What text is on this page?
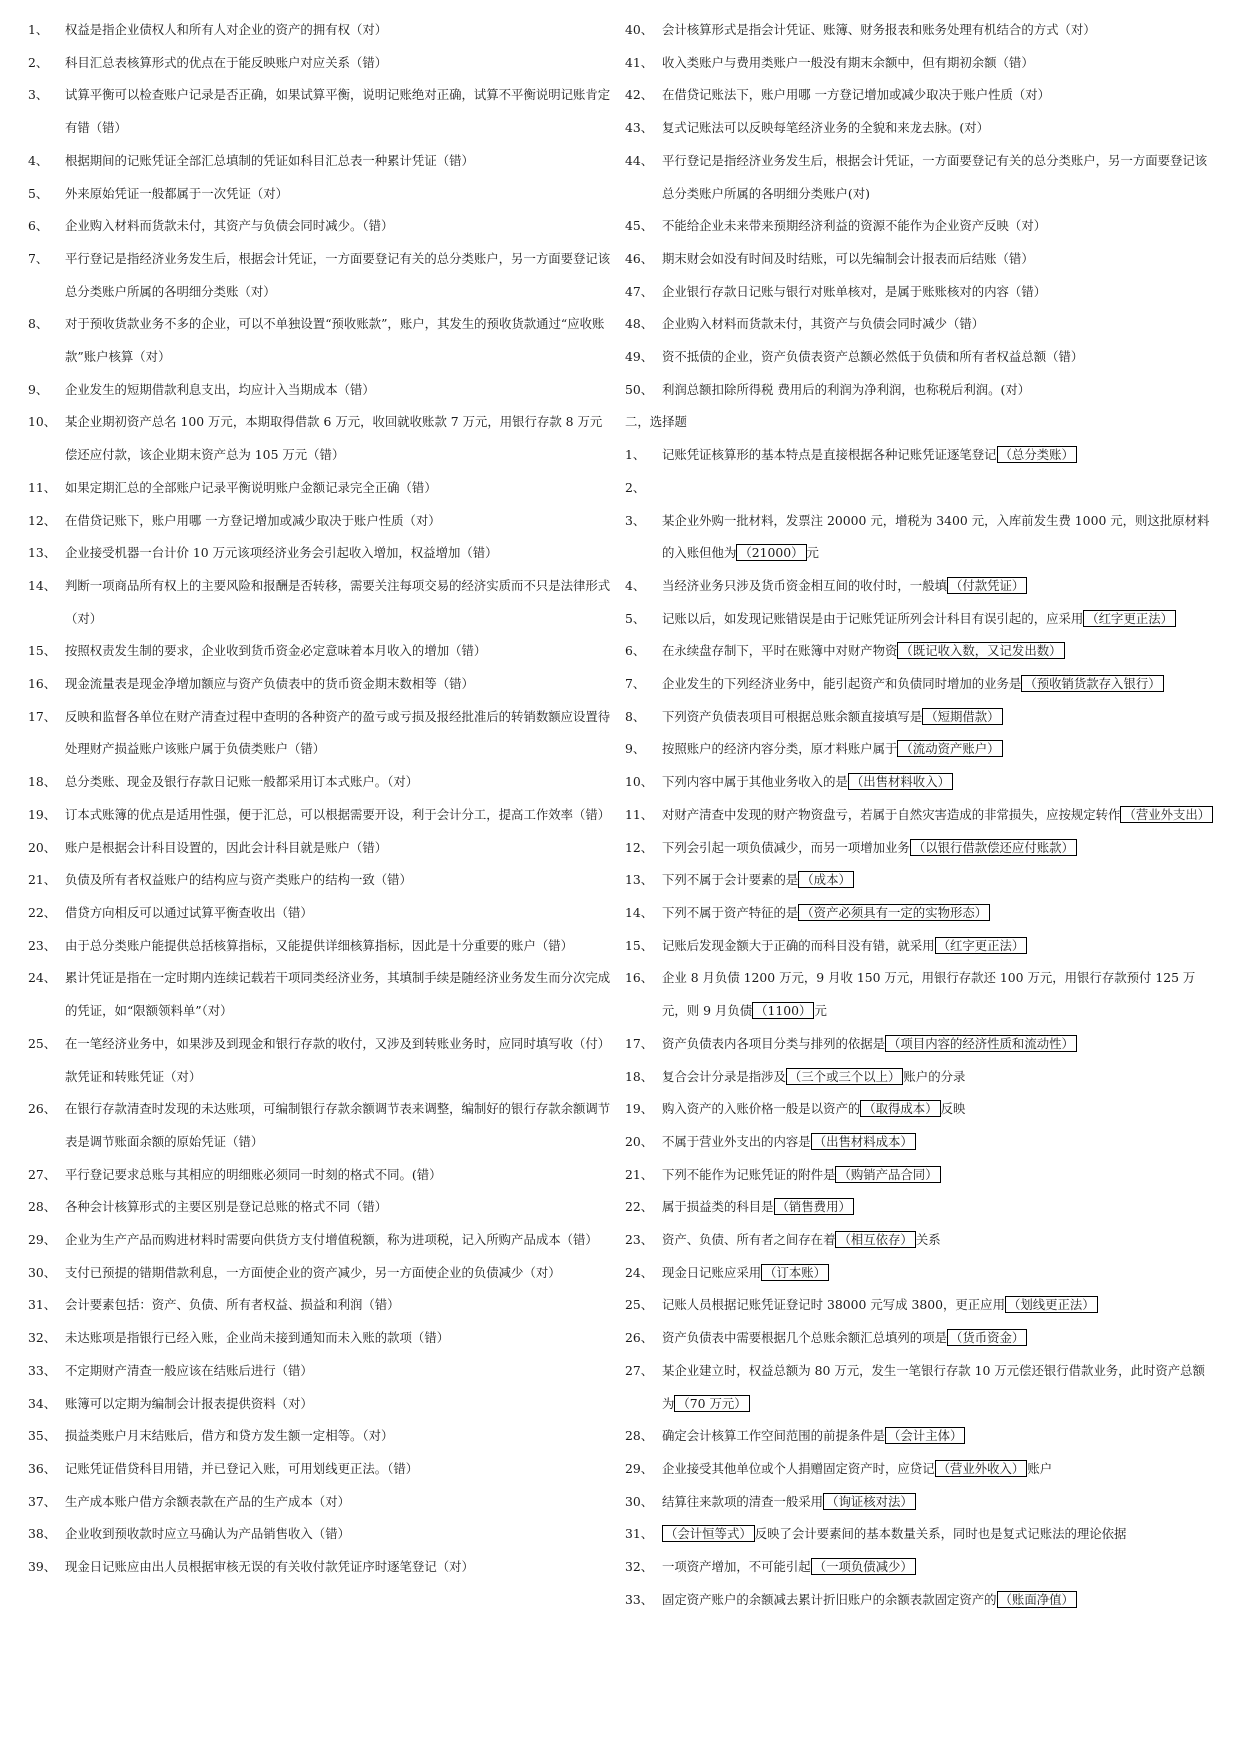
1、	权益是指企业债权人和所有人对企业的资产的拥有权（对）
2、	科目汇总表核算形式的优点在于能反映账户对应关系（错）
3、	试算平衡可以检查账户记录是否正确，如果试算平衡，说明记账绝对正确，试算不平衡说明记账肯定有错（错）
4、	根据期间的记账凭证全部汇总填制的凭证如科目汇总表一种累计凭证（错）
5、	外来原始凭证一般都属于一次凭证（对）
6、	企业购入材料而货款未付，其资产与负债会同时减少。（错）
7、	平行登记是指经济业务发生后，根据会计凭证，一方面要登记有关的总分类账户，另一方面要登记该总分类账户所属的各明细分类账（对）
8、	对于预收货款业务不多的企业，可以不单独设置“预收账款”，账户，其发生的预收货款通过“应收账款”账户核算（对）
9、	企业发生的短期借款利息支出，均应计入当期成本（错）
10、 某企业期初资产总名 100 万元，本期取得借款 6 万元，收回就收账款 7 万元，用银行存款 8 万元偿还应付款，该企业期末资产总为 105 万元（错）
11、 如果定期汇总的全部账户记录平衡说明账户金额记录完全正确（错）
12、 在借贷记账下，账户用哪 一方登记增加或减少取决于账户性质（对）
13、 企业接受机器一台计价 10 万元该项经济业务会引起收入增加，权益增加（错）
14、 判断一项商品所有权上的主要风险和报酬是否转移，需要关注每项交易的经济实质而不只是法律形式（对）
15、 按照权责发生制的要求，企业收到货币资金必定意味着本月收入的增加（错）
16、 现金流量表是现金净增加额应与资产负债表中的货币资金期末数相等（错）
17、 反映和监督各单位在财产清查过程中查明的各种资产的盈亏或亏损及报经批准后的转销数额应设置待处理财产损益账户该账户属于负债类账户（错）
18、 总分类账、现金及银行存款日记账一般都采用订本式账户。（对）
19、 订本式账簿的优点是适用性强，便于汇总，可以根据需要开设，利于会计分工，提高工作效率（错）
20、 账户是根据会计科目设置的，因此会计科目就是账户（错）
21、 负债及所有者权益账户的结构应与资产类账户的结构一致（错）
22、 借贷方向相反可以通过试算平衡查收出（错）
23、 由于总分类账户能提供总括核算指标，又能提供详细核算指标，因此是十分重要的账户（错）
24、 累计凭证是指在一定时期内连续记载若干项同类经济业务，其填制手续是随经济业务发生而分次完成的凭证，如“限额领料单”（对）
25、 在一笔经济业务中，如果涉及到现金和银行存款的收付，又涉及到转账业务时，应同时填写收（付）款凭证和转账凭证（对）
26、 在银行存款清查时发现的未达账项，可编制银行存款余额调节表来调整，编制好的银行存款余额调节表是调节账面余额的原始凭证（错）
27、 平行登记要求总账与其相应的明细账必须同一时刻的格式不同。(错）
28、 各种会计核算形式的主要区别是登记总账的格式不同（错）
29、 企业为生产产品而购进材料时需要向供货方支付增值税额，称为进项税，记入所购产品成本（错）
30、 支付已预提的错期借款利息，一方面使企业的资产减少，另一方面使企业的负债减少（对）
31、 会计要素包括：资产、负债、所有者权益、损益和利润（错）
32、 未达账项是指银行已经入账，企业尚未接到通知而未入账的款项（错）
33、 不定期财产清查一般应该在结账后进行（错）
34、 账簿可以定期为编制会计报表提供资料（对）
35、 损益类账户月末结账后，借方和贷方发生额一定相等。（对）
36、 记账凭证借贷科目用错，并已登记入账，可用划线更正法。（错）
37、 生产成本账户借方余额表款在产品的生产成本（对）
38、 企业收到预收款时应立马确认为产品销售收入（错）
39、 现金日记账应由出人员根据审核无误的有关收付款凭证序时逐笔登记（对）
40、 会计核算形式是指会计凭证、账簿、财务报表和账务处理有机结合的方式（对）
41、 收入类账户与费用类账户一般没有期末余额中，但有期初余额（错）
42、 在借贷记账法下，账户用哪 一方登记增加或减少取决于账户性质（对）
43、 复式记账法可以反映每笔经济业务的全貌和来龙去脉。(对）
44、 平行登记是指经济业务发生后，根据会计凭证，一方面要登记有关的总分类账户，另一方面要登记该总分类账户所属的各明细分类账户(对)
45、 不能给企业未来带来预期经济利益的资源不能作为企业资产反映（对）
46、 期末财会如没有时间及时结账，可以先编制会计报表而后结账（错）
47、 企业银行存款日记账与银行对账单核对，是属于账账核对的内容（错）
48、 企业购入材料而货款未付，其资产与负债会同时减少（错）
49、 资不抵债的企业，资产负债表资产总额必然低于负债和所有者权益总额（错）
50、 利润总额扣除所得税 费用后的利润为净利润，也称税后利润。(对）
二，选择题
1、	记账凭证核算形的基本特点是直接根据各种记账凭证逐笔登记 （总分类账）
2、
3、	某企业外购一批材料，发票注 20000 元，增税为 3400 元，入库前发生费 1000 元，则这批原材料的入账但他为 （21000） 元
4、	当经济业务只涉及货币资金相互间的收付时，一般填 （付款凭证）
5、	记账以后，如发现记账错误是由于记账凭证所列会计科目有误引起的，应采用 （红字更正法）
6、	在永续盘存制下，平时在账簿中对财产物资 （既记收入数，又记发出数）
7、	企业发生的下列经济业务中，能引起资产和负债同时增加的业务是 （预收销货款存入银行）
8、	下列资产负债表项目可根据总账余额直接填写是 （短期借款）
9、	按照账户的经济内容分类，原才料账户属于 （流动资产账户）
10、 下列内容中属于其他业务收入的是 （出售材料收入）
11、 对财产清查中发现的财产物资盘亏，若属于自然灾害造成的非常损失，应按规定转作 （营业外支出）
12、 下列会引起一项负债减少，而另一项增加业务 （以银行借款偿还应付账款）
13、 下列不属于会计要素的是 （成本）
14、 下列不属于资产特征的是 （资产必须具有一定的实物形态）
15、 记账后发现金额大于正确的而科目没有错，就采用 （红字更正法）
16、 企业 8 月负债 1200 万元，9 月收 150 万元，用银行存款还 100 万元，用银行存款预付 125 万元，则 9 月负债 （1100） 元
17、 资产负债表内各项目分类与排列的依据是 （项目内容的经济性质和流动性）
18、 复合会计分录是指涉及 （三个或三个以上） 账户的分录
19、 购入资产的入账价格一般是以资产的 （取得成本） 反映
20、 不属于营业外支出的内容是 （出售材料成本）
21、 下列不能作为记账凭证的附件是 （购销产品合同）
22、 属于损益类的科目是 （销售费用）
23、 资产、负债、所有者之间存在着 （相互依存） 关系
24、 现金日记账应采用 （订本账）
25、 记账人员根据记账凭证登记时 38000 元写成 3800，更正应用 （划线更正法）
26、 资产负债表中需要根据几个总账余额汇总填列的项是 （货币资金）
27、 某企业建立时，权益总额为 80 万元，发生一笔银行存款 10 万元偿还银行借款业务，此时资产总额为 （70 万元）
28、 确定会计核算工作空间范围的前提条件是 （会计主体）
29、 企业接受其他单位或个人捐赠固定资产时，应贷记 （营业外收入） 账户
30、 结算往来款项的清查一般采用 （询证核对法）
31、 （会计恒等式） 反映了会计要素间的基本数量关系，同时也是复式记账法的理论依据
32、 一项资产增加，不可能引起 （一项负债减少）
33、 固定资产账户的余额减去累计折旧账户的余额表款固定资产的 （账面净值）
